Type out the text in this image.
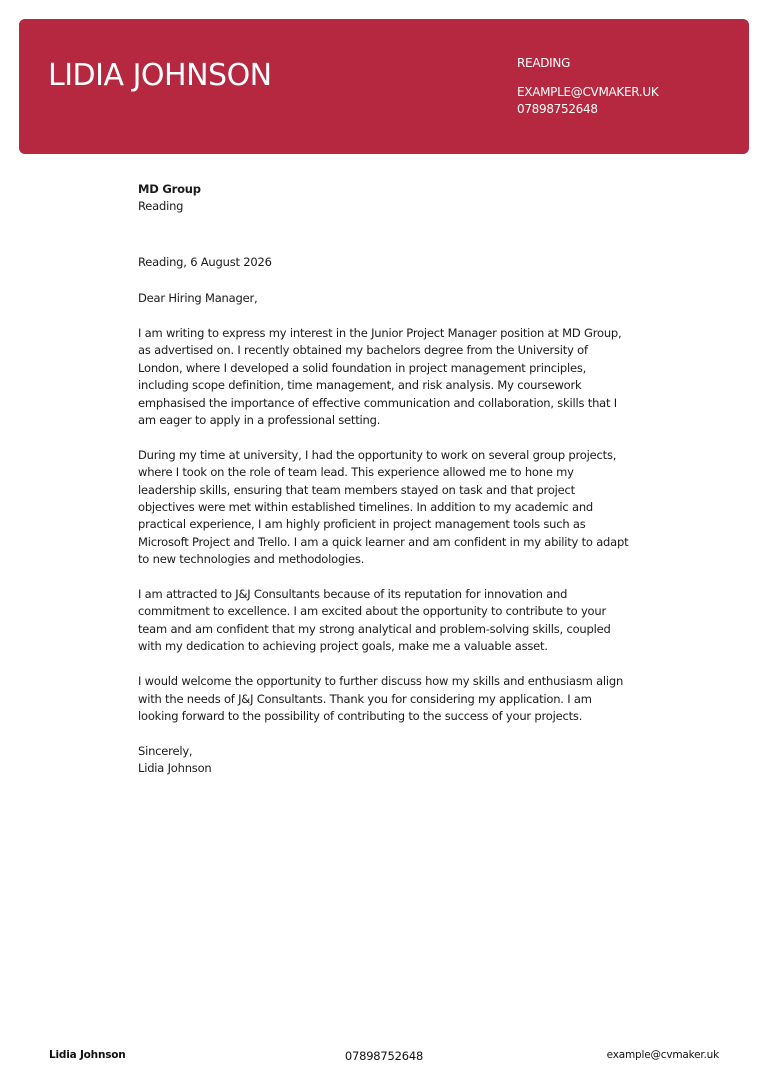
LIDIA JOHNSON	READING
EXAMPLE@CVMAKER.UK
07898752648
MD Group
Reading
Reading, 6 August 2026
Dear Hiring Manager,
I am writing to express my interest in the Junior Project Manager position at MD Group, as advertised on. I recently obtained my bachelors degree from the University of London, where I developed a solid foundation in project management principles, including scope definition, time management, and risk analysis. My coursework emphasised the importance of effective communication and collaboration, skills that I am eager to apply in a professional setting.
During my time at university, I had the opportunity to work on several group projects, where I took on the role of team lead. This experience allowed me to hone my leadership skills, ensuring that team members stayed on task and that project objectives were met within established timelines. In addition to my academic and practical experience, I am highly proficient in project management tools such as Microsoft Project and Trello. I am a quick learner and am confident in my ability to adapt to new technologies and methodologies.
I am attracted to J&J Consultants because of its reputation for innovation and commitment to excellence. I am excited about the opportunity to contribute to your team and am confident that my strong analytical and problem-solving skills, coupled with my dedication to achieving project goals, make me a valuable asset.
I would welcome the opportunity to further discuss how my skills and enthusiasm align with the needs of J&J Consultants. Thank you for considering my application. I am looking forward to the possibility of contributing to the success of your projects.
Sincerely,
Lidia Johnson
Lidia Johnson	07898752648	example@cvmaker.uk
